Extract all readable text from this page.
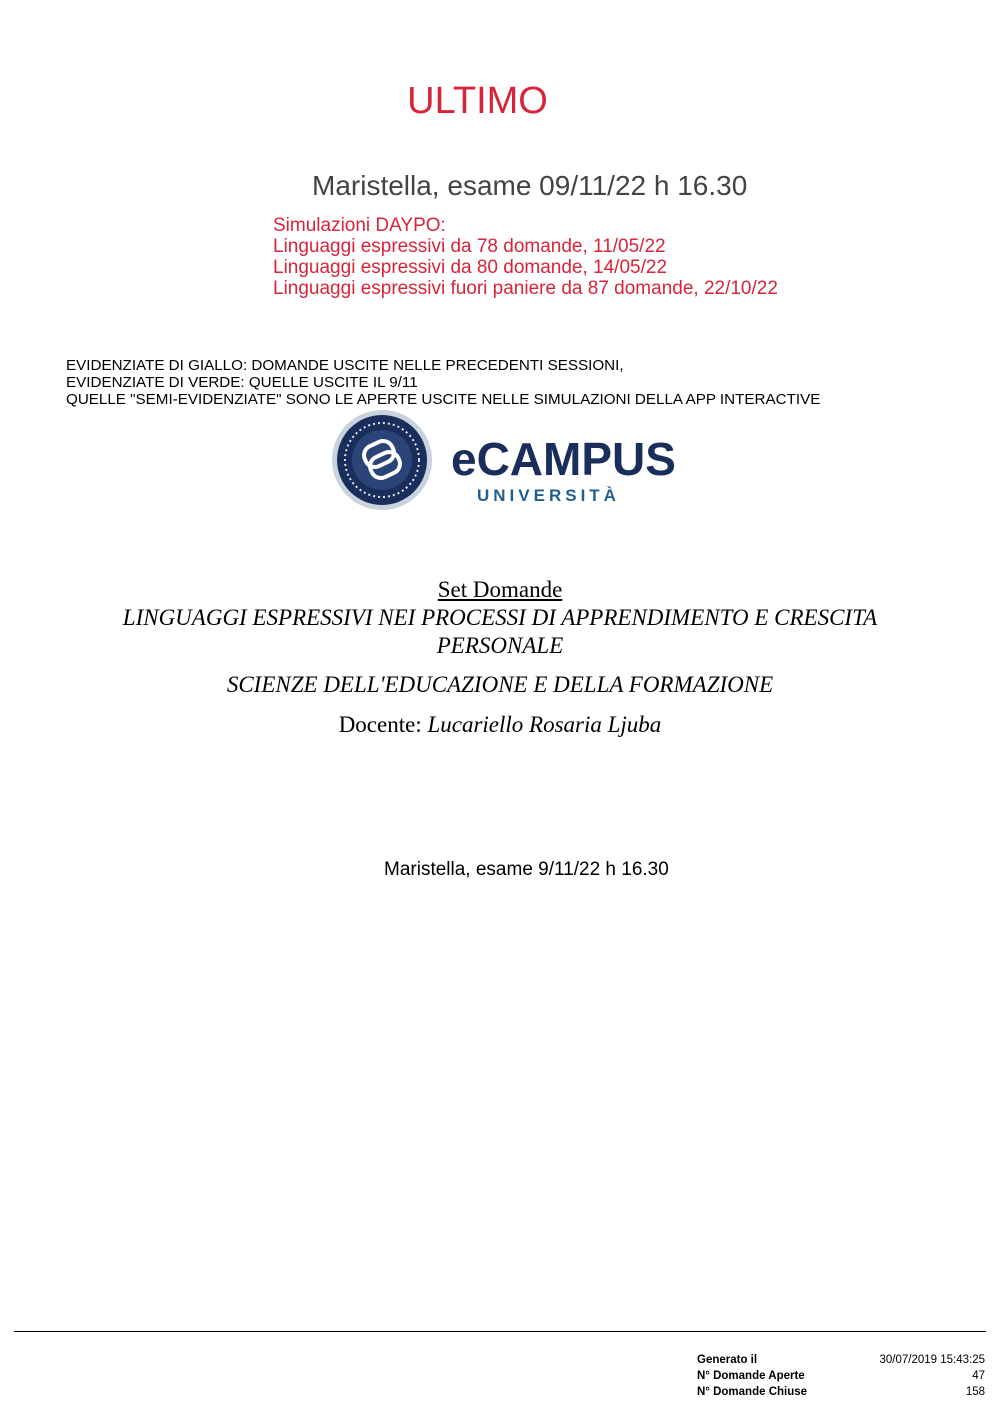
ULTIMO
Maristella, esame 09/11/22 h 16.30
Simulazioni DAYPO:
Linguaggi espressivi da 78 domande, 11/05/22
Linguaggi espressivi da 80 domande, 14/05/22
Linguaggi espressivi fuori paniere da 87 domande, 22/10/22
EVIDENZIATE DI GIALLO: DOMANDE USCITE NELLE PRECEDENTI SESSIONI,
EVIDENZIATE DI VERDE: QUELLE USCITE IL 9/11
QUELLE "SEMI-EVIDENZIATE" SONO LE APERTE USCITE NELLE SIMULAZIONI DELLA APP INTERACTIVE
eCAMPUS
UNIVERSITÀ
Set Domande
LINGUAGGI ESPRESSIVI NEI PROCESSI DI APPRENDIMENTO E CRESCITA PERSONALE
SCIENZE DELL'EDUCAZIONE E DELLA FORMAZIONE
Docente: Lucariello Rosaria Ljuba
Maristella, esame 9/11/22 h 16.30
Generato il	30/07/2019 15:43:25
N° Domande Aperte	47
N° Domande Chiuse	158
